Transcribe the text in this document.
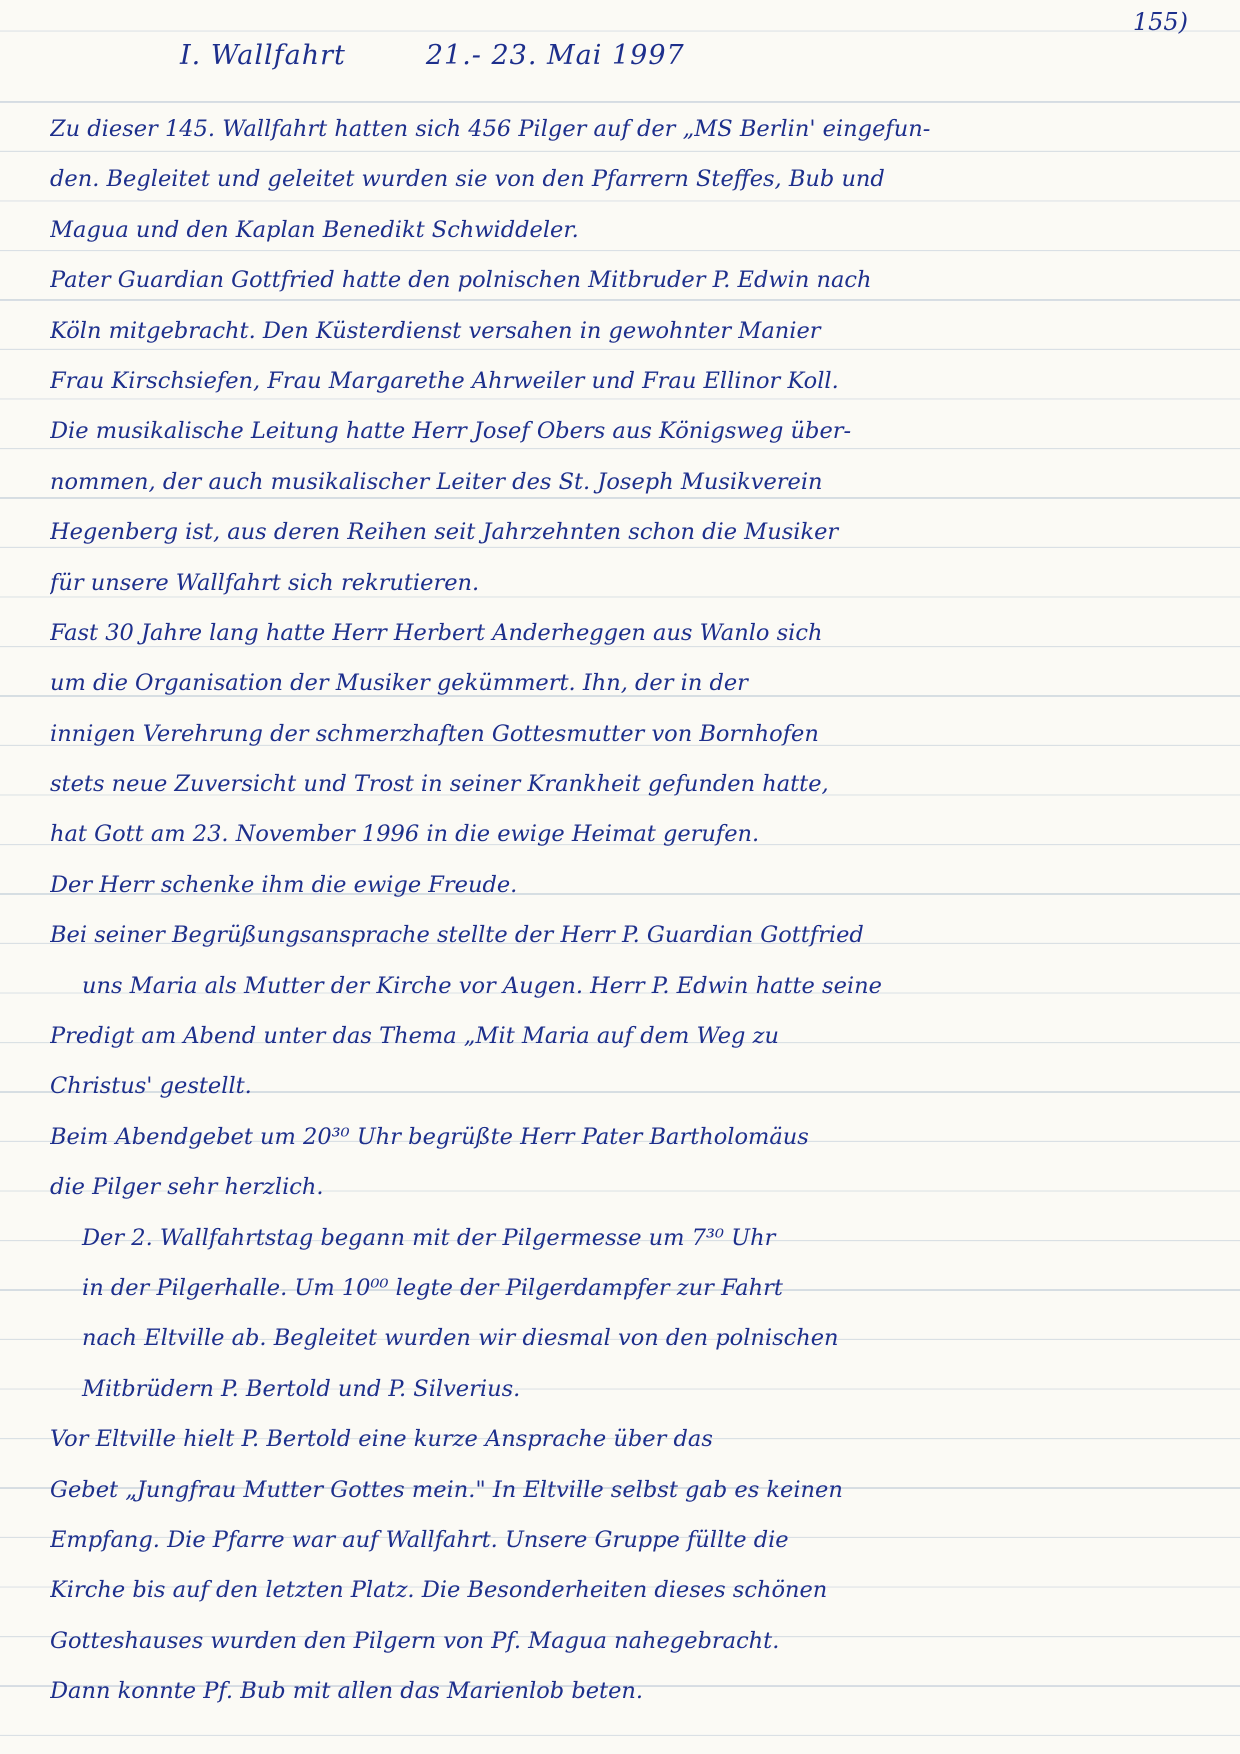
155)
I. Wallfahrt	21.- 23. Mai 1997
Zu dieser 145. Wallfahrt hatten sich 456 Pilger auf der „MS Berlin' eingefun-
den. Begleitet und geleitet wurden sie von den Pfarrern Steffes, Bub und
Magua und den Kaplan Benedikt Schwiddeler.
Pater Guardian Gottfried hatte den polnischen Mitbruder P. Edwin nach
Köln mitgebracht. Den Küsterdienst versahen in gewohnter Manier
Frau Kirschsiefen, Frau Margarethe Ahrweiler und Frau Ellinor Koll.
Die musikalische Leitung hatte Herr Josef Obers aus Königsweg über-
nommen, der auch musikalischer Leiter des St. Joseph Musikverein
Hegenberg ist, aus deren Reihen seit Jahrzehnten schon die Musiker
für unsere Wallfahrt sich rekrutieren.
Fast 30 Jahre lang hatte Herr Herbert Anderheggen aus Wanlo sich
um die Organisation der Musiker gekümmert. Ihn, der in der
innigen Verehrung der schmerzhaften Gottesmutter von Bornhofen
stets neue Zuversicht und Trost in seiner Krankheit gefunden hatte,
hat Gott am 23. November 1996 in die ewige Heimat gerufen.
Der Herr schenke ihm die ewige Freude.
Bei seiner Begrüßungsansprache stellte der Herr P. Guardian Gottfried
uns Maria als Mutter der Kirche vor Augen. Herr P. Edwin hatte seine
Predigt am Abend unter das Thema „Mit Maria auf dem Weg zu
Christus' gestellt.
Beim Abendgebet um 20³⁰ Uhr begrüßte Herr Pater Bartholomäus
die Pilger sehr herzlich.
Der 2. Wallfahrtstag begann mit der Pilgermesse um 7³⁰ Uhr
in der Pilgerhalle. Um 10⁰⁰ legte der Pilgerdampfer zur Fahrt
nach Eltville ab. Begleitet wurden wir diesmal von den polnischen
Mitbrüdern P. Bertold und P. Silverius.
Vor Eltville hielt P. Bertold eine kurze Ansprache über das
Gebet „Jungfrau Mutter Gottes mein." In Eltville selbst gab es keinen
Empfang. Die Pfarre war auf Wallfahrt. Unsere Gruppe füllte die
Kirche bis auf den letzten Platz. Die Besonderheiten dieses schönen
Gotteshauses wurden den Pilgern von Pf. Magua nahegebracht.
Dann konnte Pf. Bub mit allen das Marienlob beten.
